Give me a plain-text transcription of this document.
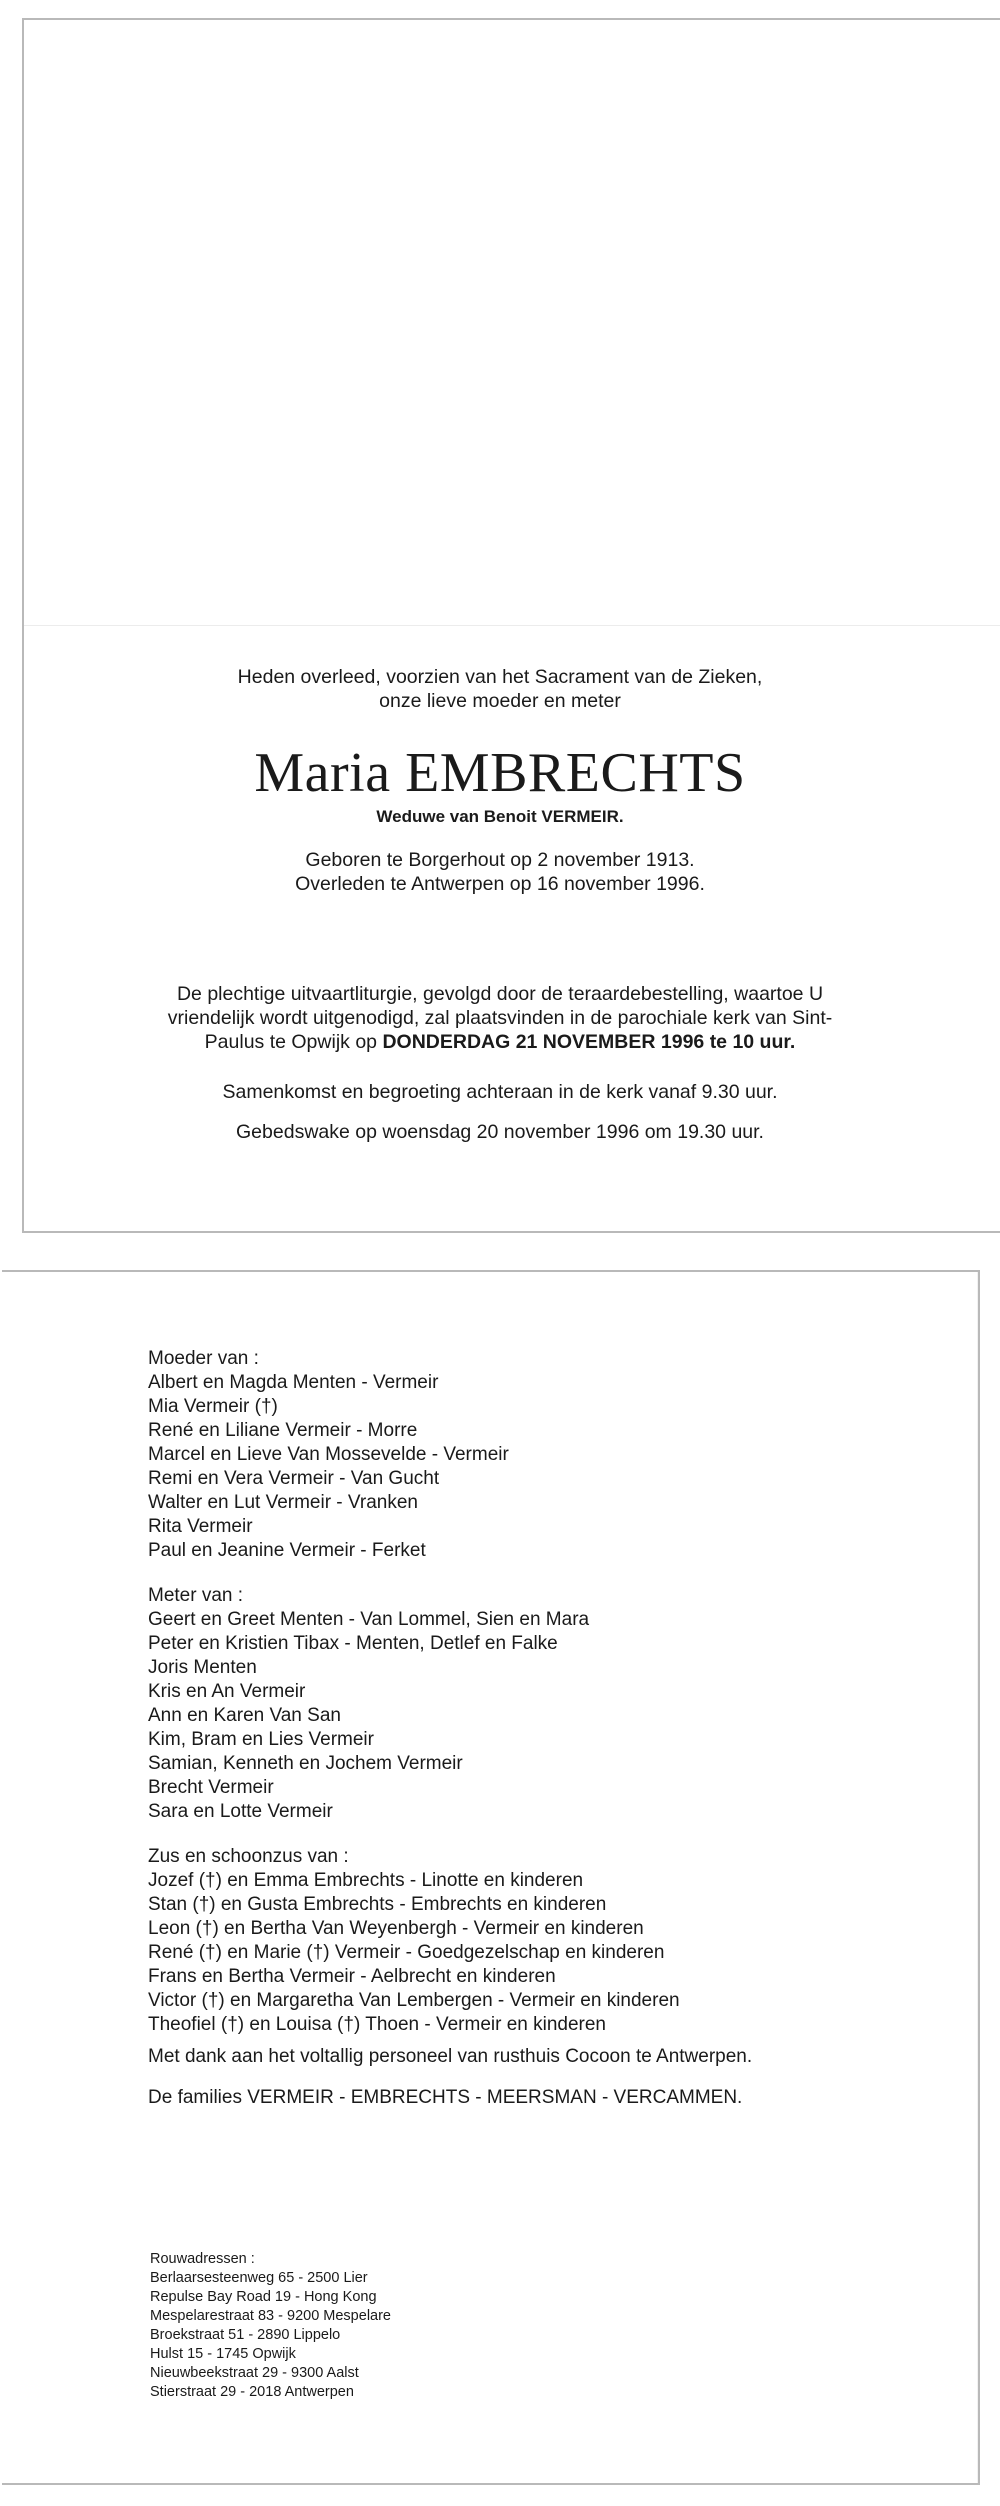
Heden overleed, voorzien van het Sacrament van de Zieken,
onze lieve moeder en meter
Maria EMBRECHTS
Weduwe van Benoit VERMEIR.
Geboren te Borgerhout op 2 november 1913.
Overleden te Antwerpen op 16 november 1996.
De plechtige uitvaartliturgie, gevolgd door de teraardebestelling, waartoe U
vriendelijk wordt uitgenodigd, zal plaatsvinden in de parochiale kerk van Sint-
Paulus te Opwijk op DONDERDAG 21 NOVEMBER 1996 te 10 uur.
Samenkomst en begroeting achteraan in de kerk vanaf 9.30 uur.
Gebedswake op woensdag 20 november 1996 om 19.30 uur.
Moeder van :
Albert en Magda Menten - Vermeir
Mia Vermeir (†)
René en Liliane Vermeir - Morre
Marcel en Lieve Van Mossevelde - Vermeir
Remi en Vera Vermeir - Van Gucht
Walter en Lut Vermeir - Vranken
Rita Vermeir
Paul en Jeanine Vermeir - Ferket
Meter van :
Geert en Greet Menten - Van Lommel, Sien en Mara
Peter en Kristien Tibax - Menten, Detlef en Falke
Joris Menten
Kris en An Vermeir
Ann en Karen Van San
Kim, Bram en Lies Vermeir
Samian, Kenneth en Jochem Vermeir
Brecht Vermeir
Sara en Lotte Vermeir
Zus en schoonzus van :
Jozef (†) en Emma Embrechts - Linotte en kinderen
Stan (†) en Gusta Embrechts - Embrechts en kinderen
Leon (†) en Bertha Van Weyenbergh - Vermeir en kinderen
René (†) en Marie (†) Vermeir - Goedgezelschap en kinderen
Frans en Bertha Vermeir - Aelbrecht en kinderen
Victor (†) en Margaretha Van Lembergen - Vermeir en kinderen
Theofiel (†) en Louisa (†) Thoen - Vermeir en kinderen
Met dank aan het voltallig personeel van rusthuis Cocoon te Antwerpen.
De families VERMEIR - EMBRECHTS - MEERSMAN - VERCAMMEN.
Rouwadressen :
Berlaarsesteenweg 65 - 2500 Lier
Repulse Bay Road 19 - Hong Kong
Mespelarestraat 83 - 9200 Mespelare
Broekstraat 51 - 2890 Lippelo
Hulst 15 - 1745 Opwijk
Nieuwbeekstraat 29 - 9300 Aalst
Stierstraat 29 - 2018 Antwerpen
